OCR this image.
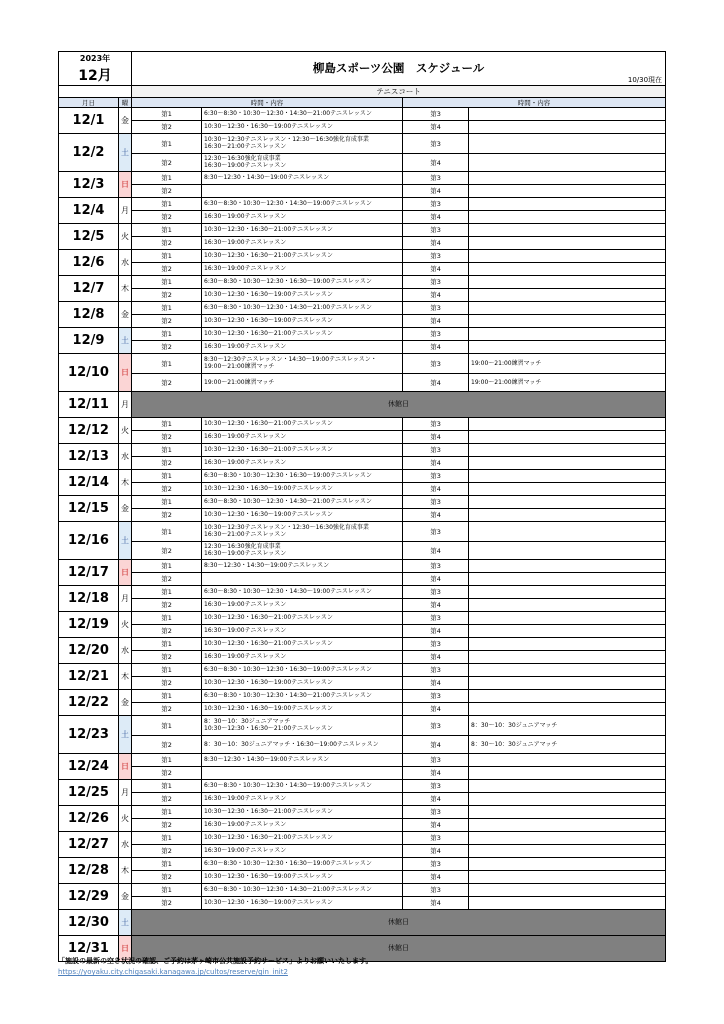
2023年		柳島スポーツ公園　スケジュール
10/30現在			

12月					
		テニスコート			
月日	曜	時間・内容		時間・内容	
12/1	金	第1	6:30～8:30・10:30～12:30・14:30～21:00テニスレッスン	第3	
		第2	10:30～12:30・16:30～19:00テニスレッスン	第4	
12/2	土	第1	10:30～12:30テニスレッスン・12:30～16:30強化育成事業
16:30～21:00テニスレッスン	第3	
		第2	12:30～16:30強化育成事業
16:30～19:00テニスレッスン	第4	
12/3	日	第1	8:30～12:30・14:30～19:00テニスレッスン	第3	
		第2		第4	
12/4	月	第1	6:30～8:30・10:30～12:30・14:30～19:00テニスレッスン	第3	
		第2	16:30～19:00テニスレッスン	第4	
12/5	火	第1	10:30～12:30・16:30～21:00テニスレッスン	第3	
		第2	16:30～19:00テニスレッスン	第4	
12/6	水	第1	10:30～12:30・16:30～21:00テニスレッスン	第3	
		第2	16:30～19:00テニスレッスン	第4	
12/7	木	第1	6:30～8:30・10:30～12:30・16:30～19:00テニスレッスン	第3	
		第2	10:30～12:30・16:30～19:00テニスレッスン	第4	
12/8	金	第1	6:30～8:30・10:30～12:30・14:30～21:00テニスレッスン	第3	
		第2	10:30～12:30・16:30～19:00テニスレッスン	第4	
12/9	土	第1	10:30～12:30・16:30～21:00テニスレッスン	第3	
		第2	16:30～19:00テニスレッスン	第4	
12/10	日	第1	8:30～12:30テニスレッスン・14:30～19:00テニスレッスン・
19:00～21:00練習マッチ	第3	19:00～21:00練習マッチ
		第2	19:00～21:00練習マッチ	第4	19:00～21:00練習マッチ
12/11	月	休館日			
12/12	火	第1	10:30～12:30・16:30～21:00テニスレッスン	第3	
		第2	16:30～19:00テニスレッスン	第4	
12/13	水	第1	10:30～12:30・16:30～21:00テニスレッスン	第3	
		第2	16:30～19:00テニスレッスン	第4	
12/14	木	第1	6:30～8:30・10:30～12:30・16:30～19:00テニスレッスン	第3	
		第2	10:30～12:30・16:30～19:00テニスレッスン	第4	
12/15	金	第1	6:30～8:30・10:30～12:30・14:30～21:00テニスレッスン	第3	
		第2	10:30～12:30・16:30～19:00テニスレッスン	第4	
12/16	土	第1	10:30～12:30テニスレッスン・12:30～16:30強化育成事業
16:30～21:00テニスレッスン	第3	
		第2	12:30～16:30強化育成事業
16:30～19:00テニスレッスン	第4	
12/17	日	第1	8:30～12:30・14:30～19:00テニスレッスン	第3	
		第2		第4	
12/18	月	第1	6:30～8:30・10:30～12:30・14:30～19:00テニスレッスン	第3	
		第2	16:30～19:00テニスレッスン	第4	
12/19	火	第1	10:30～12:30・16:30～21:00テニスレッスン	第3	
		第2	16:30～19:00テニスレッスン	第4	
12/20	水	第1	10:30～12:30・16:30～21:00テニスレッスン	第3	
		第2	16:30～19:00テニスレッスン	第4	
12/21	木	第1	6:30～8:30・10:30～12:30・16:30～19:00テニスレッスン	第3	
		第2	10:30～12:30・16:30～19:00テニスレッスン	第4	
12/22	金	第1	6:30～8:30・10:30～12:30・14:30～21:00テニスレッスン	第3	
		第2	10:30～12:30・16:30～19:00テニスレッスン	第4	
12/23	土	第1	8：30～10：30ジュニアマッチ
10:30～12:30・16:30～21:00テニスレッスン	第3	8：30～10：30ジュニアマッチ
		第2	8：30～10：30ジュニアマッチ・16:30～19:00テニスレッスン	第4	8：30～10：30ジュニアマッチ
12/24	日	第1	8:30～12:30・14:30～19:00テニスレッスン	第3	
		第2		第4	
12/25	月	第1	6:30～8:30・10:30～12:30・14:30～19:00テニスレッスン	第3	
		第2	16:30～19:00テニスレッスン	第4	
12/26	火	第1	10:30～12:30・16:30～21:00テニスレッスン	第3	
		第2	16:30～19:00テニスレッスン	第4	
12/27	水	第1	10:30～12:30・16:30～21:00テニスレッスン	第3	
		第2	16:30～19:00テニスレッスン	第4	
12/28	木	第1	6:30～8:30・10:30～12:30・16:30～19:00テニスレッスン	第3	
		第2	10:30～12:30・16:30～19:00テニスレッスン	第4	
12/29	金	第1	6:30～8:30・10:30～12:30・14:30～21:00テニスレッスン	第3	
		第2	10:30～12:30・16:30～19:00テニスレッスン	第4	
12/30	土	休館日			
12/31	日	休館日			
「施設の最新の空き状況の確認、ご予約は茅ヶ崎市公共施設予約サービス」よりお願いいたします。
https://yoyaku.city.chigasaki.kanagawa.jp/cultos/reserve/gin_init2
